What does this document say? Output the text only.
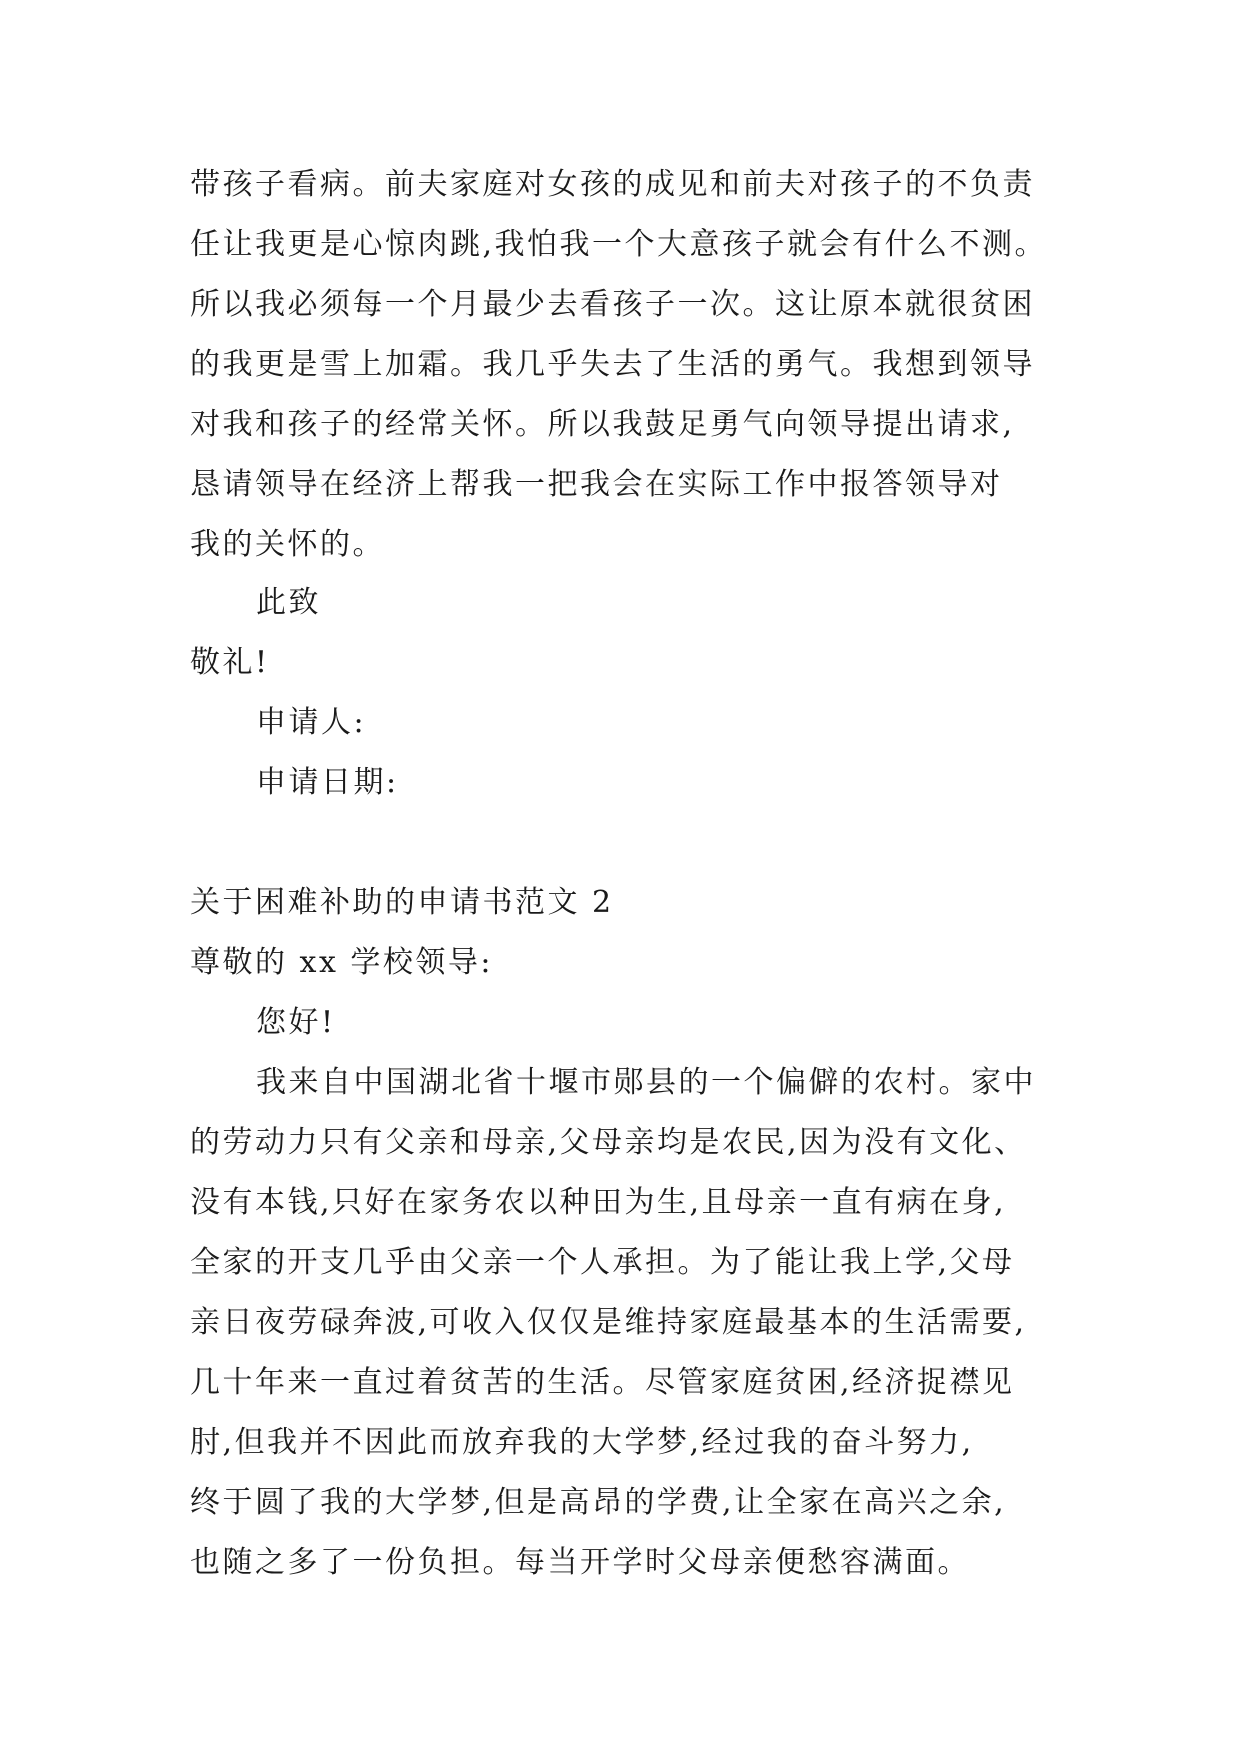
带孩子看病。前夫家庭对女孩的成见和前夫对孩子的不负责
任让我更是心惊肉跳,我怕我一个大意孩子就会有什么不测。
所以我必须每一个月最少去看孩子一次。这让原本就很贫困
的我更是雪上加霜。我几乎失去了生活的勇气。我想到领导
对我和孩子的经常关怀。所以我鼓足勇气向领导提出请求,
恳请领导在经济上帮我一把我会在实际工作中报答领导对
我的关怀的。
此致
敬礼!
申请人:
申请日期:
关于困难补助的申请书范文 2
尊敬的 xx 学校领导:
您好!
我来自中国湖北省十堰市郧县的一个偏僻的农村。家中
的劳动力只有父亲和母亲,父母亲均是农民,因为没有文化、
没有本钱,只好在家务农以种田为生,且母亲一直有病在身,
全家的开支几乎由父亲一个人承担。为了能让我上学,父母
亲日夜劳碌奔波,可收入仅仅是维持家庭最基本的生活需要,
几十年来一直过着贫苦的生活。尽管家庭贫困,经济捉襟见
肘,但我并不因此而放弃我的大学梦,经过我的奋斗努力,
终于圆了我的大学梦,但是高昂的学费,让全家在高兴之余,
也随之多了一份负担。每当开学时父母亲便愁容满面。
